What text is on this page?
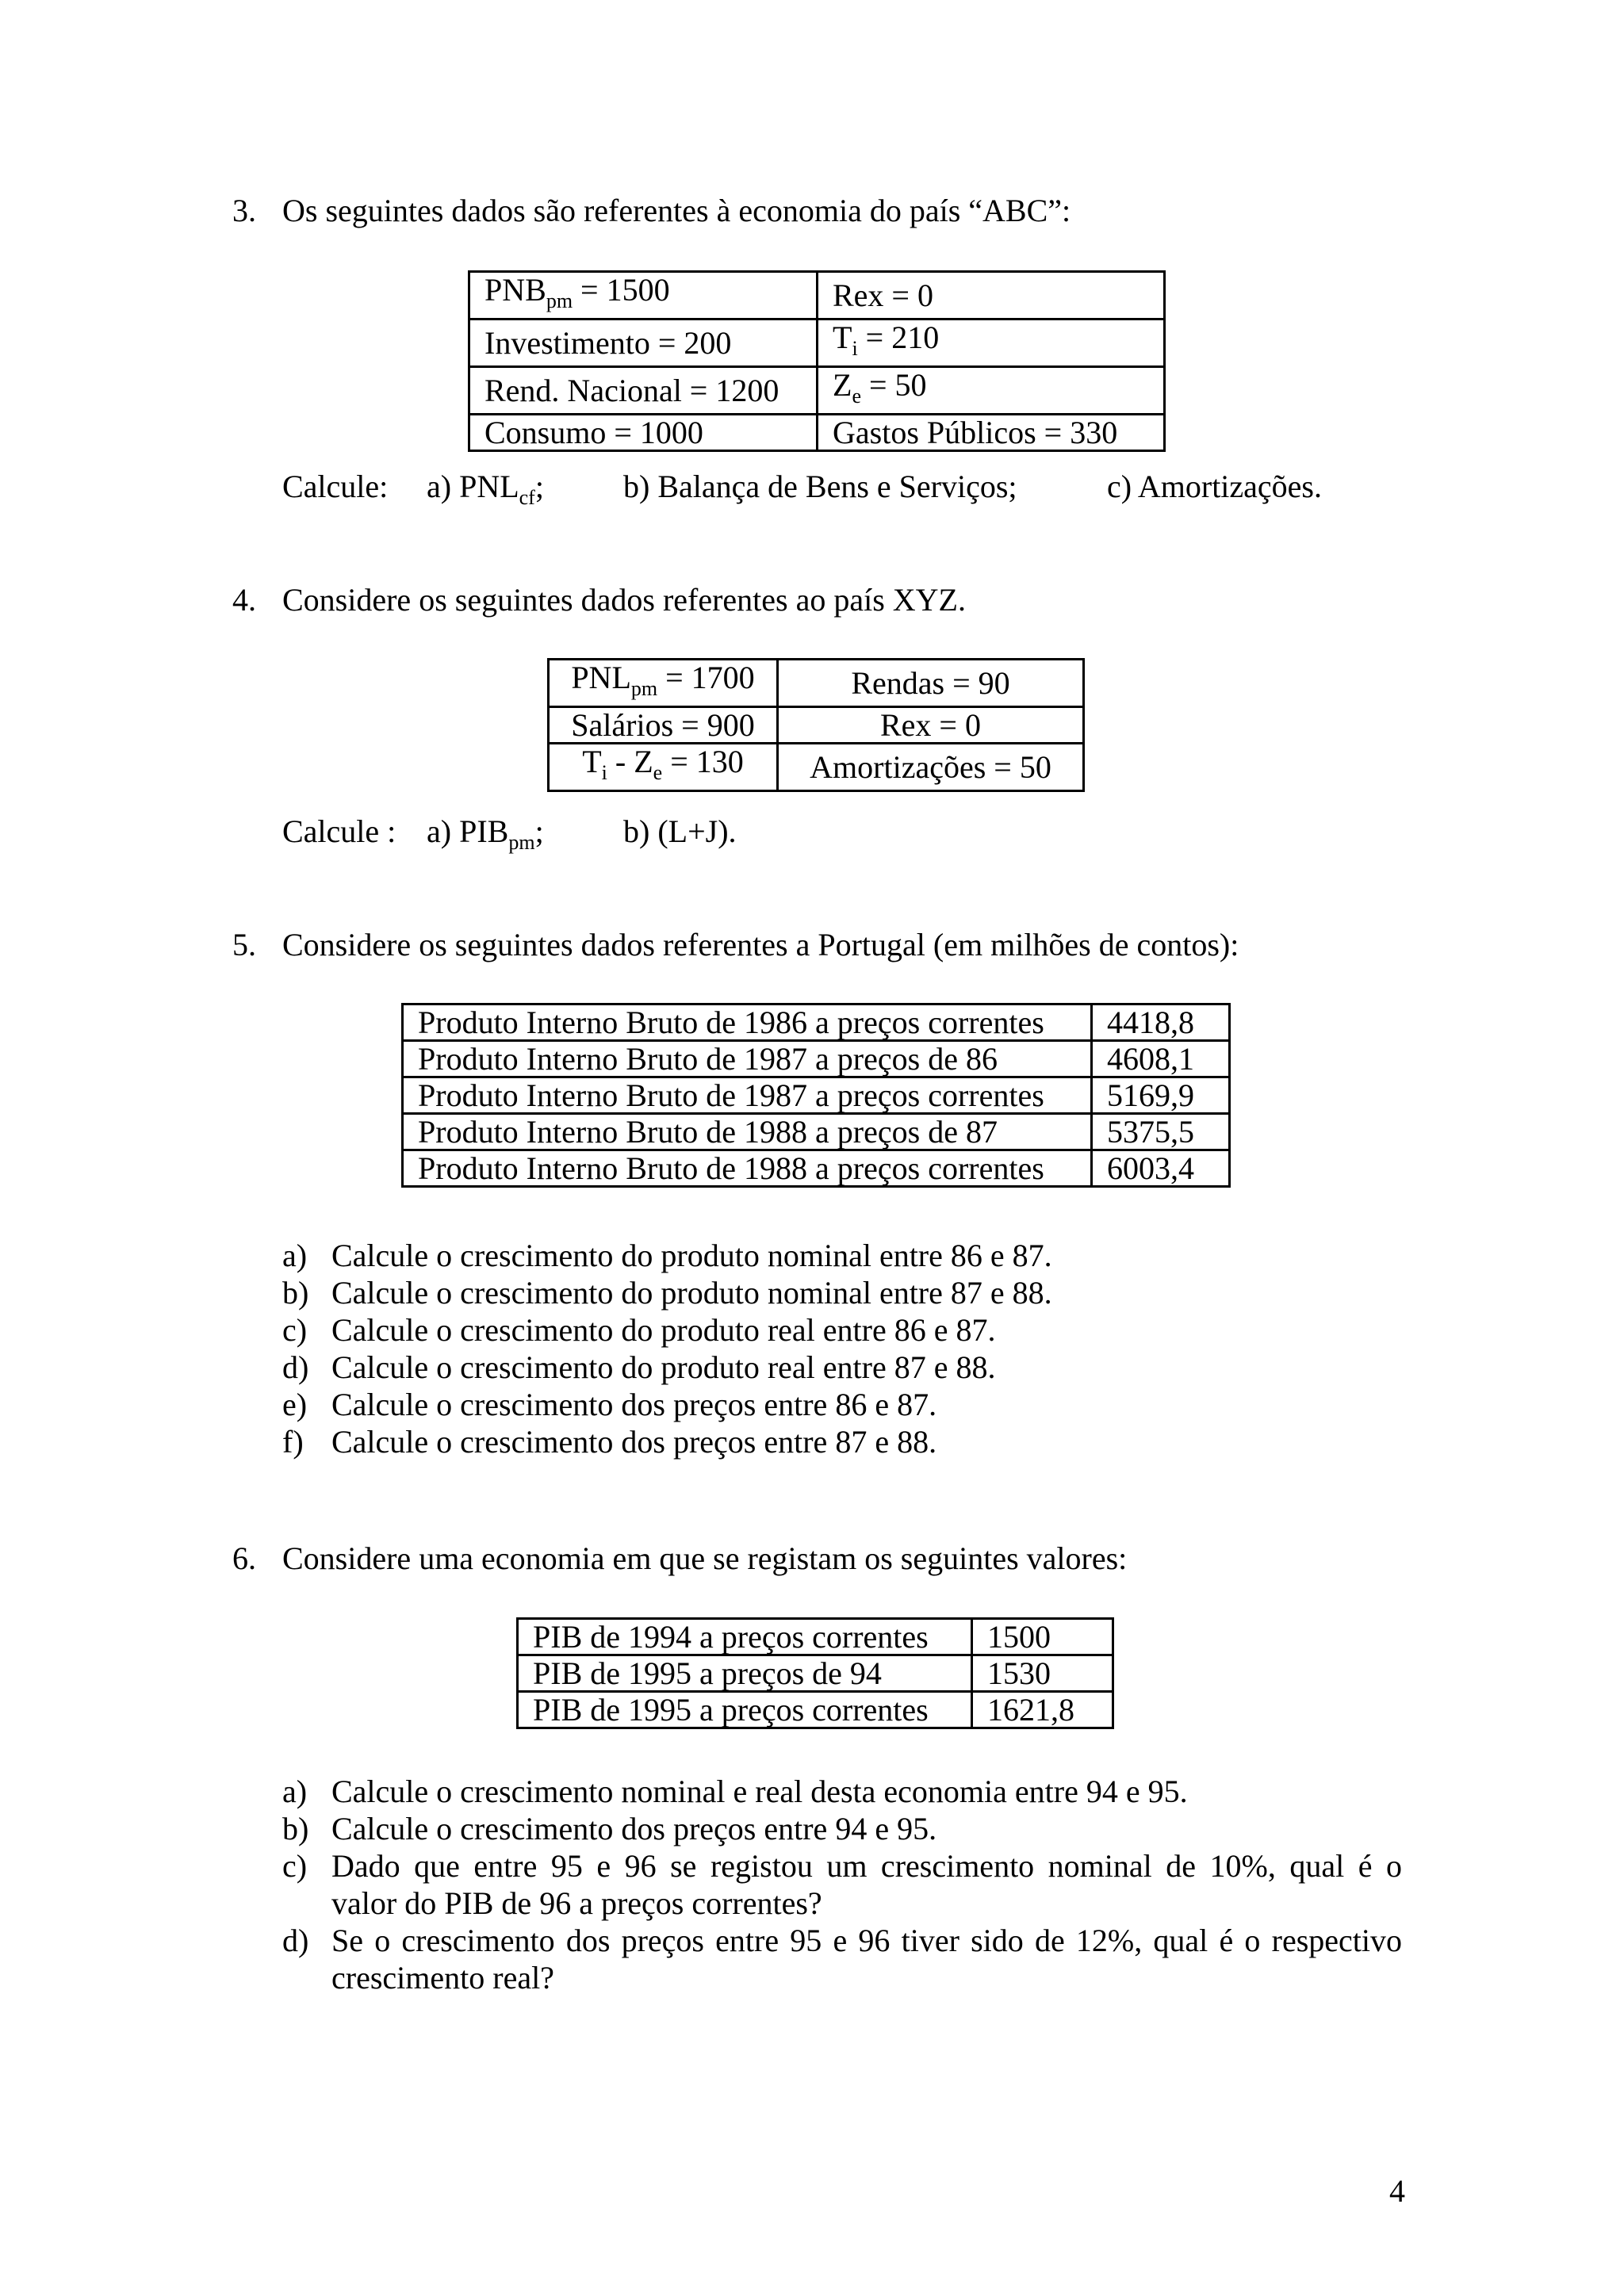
3. Os seguintes dados são referentes à economia do país “ABC”:
$PNB_{pm} = 1500$	Rex = 0
Investimento = 200	$T_i = 210$
Rend. Nacional = 1200	$Z_e = 50$
Consumo = 1000	Gastos Públicos = 330
Calcule: a) $PNL_{cf}$;	b) Balança de Bens e Serviços;	c) Amortizações.
4. Considere os seguintes dados referentes ao país XYZ.
$PNL_{pm} = 1700$	Rendas = 90
Salários = 900	Rex = 0
$T_i - Z_e = 130$	Amortizações = 50
Calcule : a) $PIB_{pm}$;	b) (L+J).
5. Considere os seguintes dados referentes a Portugal (em milhões de contos):
Produto Interno Bruto de 1986 a preços correntes	4418,8
Produto Interno Bruto de 1987 a preços de 86	4608,1
Produto Interno Bruto de 1987 a preços correntes	5169,9
Produto Interno Bruto de 1988 a preços de 87	5375,5
Produto Interno Bruto de 1988 a preços correntes	6003,4
a) Calcule o crescimento do produto nominal entre 86 e 87.
b) Calcule o crescimento do produto nominal entre 87 e 88.
c) Calcule o crescimento do produto real entre 86 e 87.
d) Calcule o crescimento do produto real entre 87 e 88.
e) Calcule o crescimento dos preços entre 86 e 87.
f) Calcule o crescimento dos preços entre 87 e 88.
6. Considere uma economia em que se registam os seguintes valores:
PIB de 1994 a preços correntes	1500
PIB de 1995 a preços de 94	1530
PIB de 1995 a preços correntes	1621,8
a) Calcule o crescimento nominal e real desta economia entre 94 e 95.
b) Calcule o crescimento dos preços entre 94 e 95.
c) Dado que entre 95 e 96 se registou um crescimento nominal de 10%, qual é o
valor do PIB de 96 a preços correntes?
d) Se o crescimento dos preços entre 95 e 96 tiver sido de 12%, qual é o respectivo
crescimento real?
4
